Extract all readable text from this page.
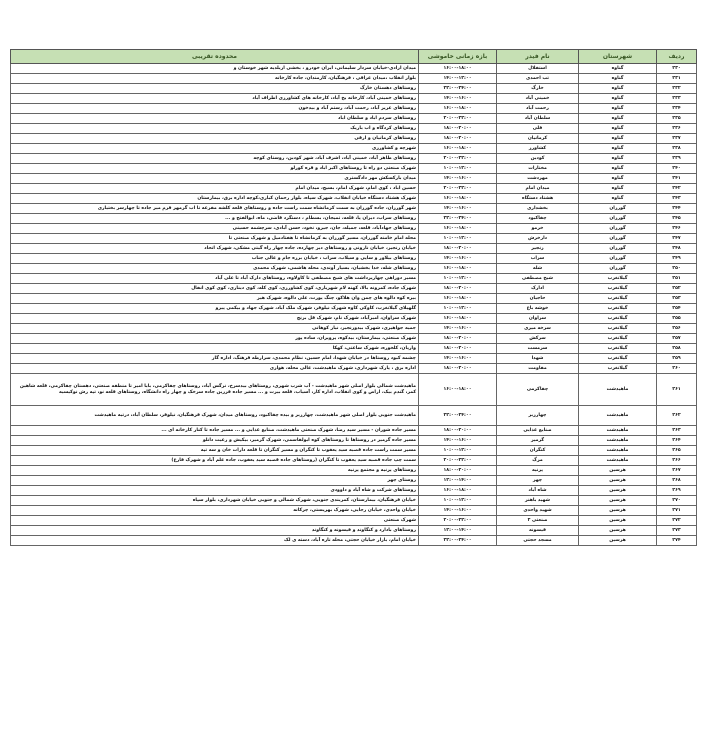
ردیف	شهرستان	نام فیدر	بازه زمانی خاموشی	محدوده تقریبی
۲۳۰	گناوه	استقلال	۱۶:۰۰-۱۸:۰۰	میدان ازادی-خیابان سردار سلیمانی، ایران خودرو ، بخشی ازبلدیه شهر خوستان و
۲۳۱	گناوه	تب احمدی	۱۴:۰۰-۱۲:۰۰	بلوار انقلاب ،میدان عراقی ، فرهنگیان، کارمندان، جاده کارخانه
۲۳۲	گناوه	خارگ	۲۲:۰۰-۲۴:۰۰	روستاهای دهستان خارگ
۲۳۳	گناوه	خمینی آباد	۱۴:۰۰-۱۶:۰۰	روستاهای خمینی آباد، کارخانه یخ آباد، کارخانه های کشاورزی اطراف آباد
۲۳۴	گناوه	رحمت آباد	۱۶:۰۰-۱۸:۰۰	روستاهای عزیز آباد، رحمت آباد، رستم آباد و بیدخون
۲۳۵	گناوه	سلطان آباد	۲۰:۰۰-۲۲:۰۰	روستاهای سردم اباد و سلطان اباد
۲۳۶	گناوه	فلی	۱۸:۰۰-۲۰:۰۰	روستاهای کردگاه و اب باریک
۲۳۷	گناوه	کرمانیان	۱۸:۰۰-۲۰:۰۰	روستاهای کرمانیان و ارقی
۲۳۸	گناوه	کشاورز	۱۶:۰۰-۱۸:۰۰	شهرچه و کشاورزی
۲۳۹	گناوه	کودین	۲۰:۰۰-۲۲:۰۰	روستاهای طاهر آباد، خمینی آباد، اشرف آباد، شهر کودین، روستای کوچه
۲۴۰	گناوه	مختارات	۱۰:۰۰-۱۲:۰۰	شهرک صنعتی دو راه تا روستاهای اکبر اباد و قره کورلو
۲۴۱	گناوه	مهردشت	۱۴:۰۰-۱۶:۰۰	میدان بارکسکش مهر دادگستری
۲۴۲	گناوه	میدان امام	۲۰:۰۰-۲۲:۰۰	حسین اباد ، کوی امام، شهرک امام، بسیج، میدان امام
۲۴۳	گناوه	هشتاد دستگاه	۱۶:۰۰-۱۸:۰۰	شهرک هشتاد دستگاه خیابان انقلاب، شهرک سپاه، بلوار رحمان کباری،کوچه اداره برق، بیمارستان
۲۴۴	گورزان	بخشداری	۱۴:۰۰-۱۶:۰۰	شهر گورزان، جاده گورزان به سمت کرمانشاه سمت راست جاده و روستاهای قلعه کلشه مقرعه تا اب گرمهر فرم میر جاده تا چهارسر بختیاری
۲۴۵	گورزان	چقاکبود	۲۲:۰۰-۲۴:۰۰	روستاهای سراب، دیزان پا، قلعه، تمیجان، بسطام ، دستگرد قاضی، ماه، ابوالفتح و ...
۲۴۶	گورزان	خرمو	۱۶:۰۰-۱۸:۰۰	روستاهای جهادآباد، قلعه، جمیله، جان، جیرو، نخود، حسن آبادی، سرچشمه حسینی
۲۴۷	گورزان	دارخرش	۱۰:۰۰-۱۲:۰۰	محله امام خامنه گورزان، مسیر گورزان به کرمانشاه تا هفتادمیل و شهرک صنعتی تا
۲۴۸	گورزان	زنجیر	۱۸:۰۰-۲۰:۰۰	خیابان زنجیر، خیابان نارونی و روستاهای دیر چهارده، جاده چهار راه گیتی مشکی، شهرک اتحاد
۲۴۹	گورزان	سراب	۱۴:۰۰-۱۶:۰۰	روستاهای بیلاور و ساپی و سیلاب، سراب ، خیابان برزه جام و عالی جناب
۲۵۰	گورزان	شله	۱۶:۰۰-۱۸:۰۰	روستاهای شله، خدا بخشیان، بسیار آوندی، محله هاشمی، شهرک محمدی
۲۵۱	گیلانغرب	شیخ مصطفی	۱۰:۰۰-۱۲:۰۰	مسیر دوراهی چهاربرداشت های شیخ مصطفی تا کاولاوه، روستاهای دارک آباد تا علی آباد
۲۵۲	گیلانغرب	ادارک	۱۸:۰۰-۲۰:۰۰	شهرک جاده، کمرونه بالا، کهنه لام شهریاری، کوی کشاورزی، کوی کله، کوی دیناری، کوی کوی انفال
۲۵۳	گیلانغرب	حاجیان	۱۶:۰۰-۱۸:۰۰	بیره کوه دالوه های چمن وان هلاکو، چنگ یورت، علی دالوه، شهرک هیز
۲۵۴	گیلانغرب	خوشه باغ	۱۰:۰۰-۱۲:۰۰	گلهیلای گیلانغرب، کاوکی کاوه شهرک نیلوفر، شهرک ملک آباد، شهرک جهاد و بیکمی پیرو
۲۵۵	گیلانغرب	سراوان	۱۶:۰۰-۱۸:۰۰	شهرک سراوان، امیرآباد، شهرک نام، شهرک قل برنج
۲۵۶	گیلانغرب	سرخه میری	۱۴:۰۰-۱۶:۰۰	جمیه جواهیری، شهرک بیدوزنجیر، نیاز کوهانی
۲۵۷	گیلانغرب	سرکش	۱۸:۰۰-۲۰:۰۰	شهرک صنعتی، بیمارستان، بیدکوه، پرویزان، ساده پور
۲۵۸	گیلانغرب	سرمست	۱۸:۰۰-۲۰:۰۰	واریان، کلخوره، شهرک ساعتی، کهکا
۲۵۹	گیلانغرب	شهدا	۱۴:۰۰-۱۶:۰۰	چشمه کبود روستاها در خیابان شهدا، امام حسین، نظام محمدی، سرارطه فرهنگ، اداره گاز
۲۶۰	گیلانغرب	مقاومت	۱۸:۰۰-۲۰:۰۰	اداره برق ، پارک شهرداری، شهرک ماهیدشت، عالی محله، هوازی
۲۶۱	ماهیدشت	چقاکرمی	۱۶:۰۰-۱۸:۰۰	ماهیدشت شمالی بلوار اصلی شهر ماهیدشت - آب شرب شهری، روستاهای بیدسرخ، نرگس آباد، روستاهای چقاکرمی، بابا امیر تا منطقه صنعتی، دهستان چقاکرمی، قلعه شاهین کمر، گندم بیک، اراض و کوی انقلاب، اداره کار، آسیاب، قلعه بیرت و ... مسیر جاده فرزین جاده سرخک و چهار راه دانشگاه، روستاهای قلعه نو، تپه رش نوکیسیه
۲۶۲	ماهیدشت	چهارزبر	۲۲:۰۰-۲۴:۰۰	ماهیدشت جنوبی بلوار اصلی شهر ماهیدشت، چهارزبر و بیده چقاکبود، روستاهای میدان، شهرک فرهنگیان، نیلوفر، سلطان آباد، درتیه ماهیدشت
۲۶۳	ماهیدشت	صنایع غذایی	۱۸:۰۰-۲۰:۰۰	مسیر جاده شوران - مسیر سید رضا، شهرک صنعتی ماهیدشت، صنایع غذایی و ... مسیر جاده تا کنار کارخانه ای ...
۲۶۴	ماهیدشت	گرمیز	۱۴:۰۰-۱۶:۰۰	مسیر جاده گرمیز در روستاها تا روستاهای کوه ابولقاسمی، شهرک گرمیز، بیکیش و رعیت دانلو
۲۶۵	ماهیدشت	کنگران	۱۰:۰۰-۱۲:۰۰	مسیر سمت راست جاده قصبه سید یعقوب تا کنگران و مسیر کنگران تا قلعه دارات خان و سه تپه
۲۶۶	ماهیدشت	مرگ	۲۰:۰۰-۲۲:۰۰	سمت چپ جاده قصبه سید یعقوب تا کنگران (روستاهای جاده قصبه سید یعقوب، جاده علم آباد و شهرک فارغ)
۲۶۷	هرسین	پرنیه	۱۸:۰۰-۲۰:۰۰	روستاهای پرنیه و مجتمع پرنیه
۲۶۸	هرسین	چهر	۱۲:۰۰-۱۴:۰۰	روستای چهر
۲۶۹	هرسین	شاه آباد	۱۶:۰۰-۱۸:۰۰	روستاهای شرکت و شاه آباد و داوودی
۲۷۰	هرسین	شهید باهنر	۱۰:۰۰-۱۲:۰۰	خیابان فرهنگیان، بیمارستان، کمربندی جنوبی، شهرک شمالی و جنوبی خیابان شهرداری، بلوار سپاه
۲۷۱	هرسین	شهید واحدی	۱۴:۰۰-۱۶:۰۰	خیابان واحدی، خیابان رجایی، شهرک بهزیستی، چرکانه
۲۷۲	هرسین	صنعتی ۲	۲۰:۰۰-۲۲:۰۰	شهرک صنعتی
۲۷۳	هرسین	فیسونه	۱۲:۰۰-۱۴:۰۰	روستاهای بادارد و کنگاوند و فیسونه و کنگاوند
۲۷۴	هرسین	مسجد حجتی	۲۲:۰۰-۲۴:۰۰	خیابان امام، بازار خیابان حجتی، محله تازه آباد، دسته ی لک
